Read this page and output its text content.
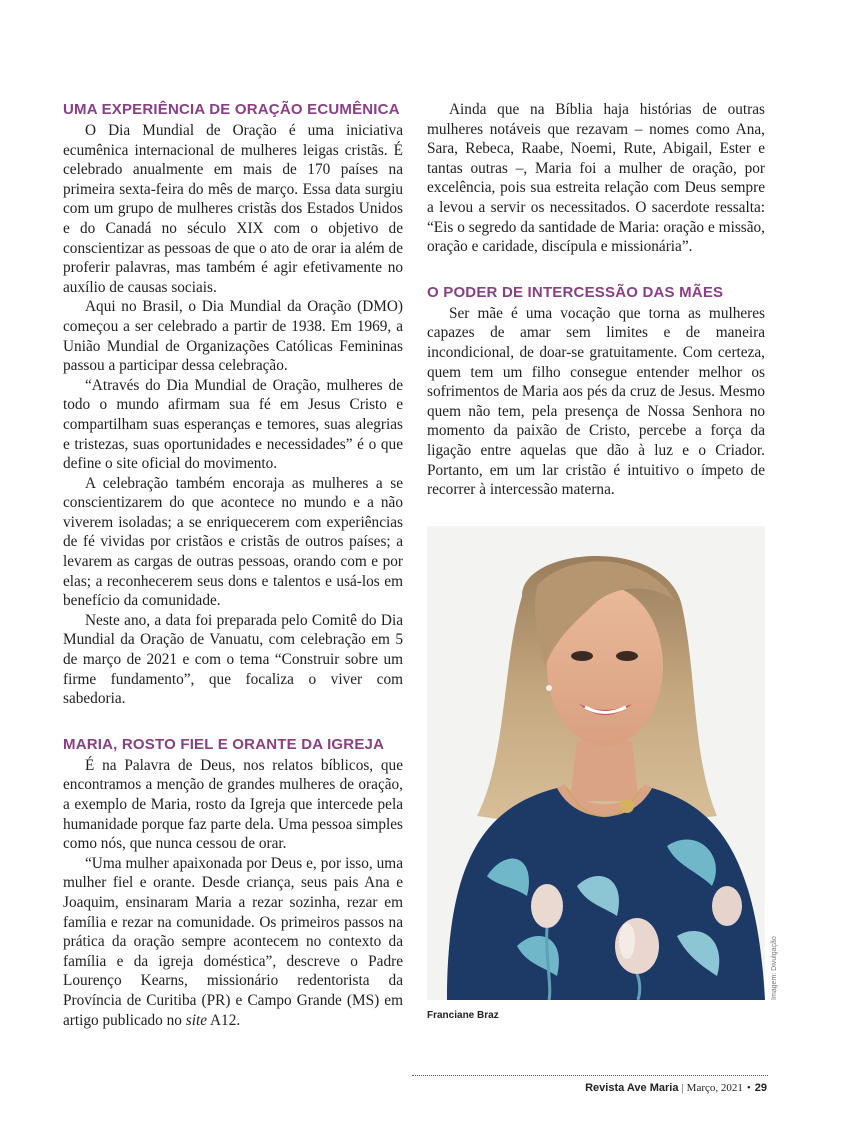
UMA EXPERIÊNCIA DE ORAÇÃO ECUMÊNICA

O Dia Mundial de Oração é uma iniciativa ecumênica internacional de mulheres leigas cristãs. É celebrado anualmente em mais de 170 países na primeira sexta-feira do mês de março. Essa data surgiu com um grupo de mulheres cristãs dos Estados Unidos e do Canadá no século XIX com o objetivo de conscientizar as pessoas de que o ato de orar ia além de proferir palavras, mas também é agir efetivamente no auxílio de causas sociais.

Aqui no Brasil, o Dia Mundial da Oração (DMO) começou a ser celebrado a partir de 1938. Em 1969, a União Mundial de Organizações Católicas Femininas passou a participar dessa celebração.

“Através do Dia Mundial de Oração, mulheres de todo o mundo afirmam sua fé em Jesus Cristo e compartilham suas esperanças e temores, suas alegrias e tristezas, suas oportunidades e necessidades” é o que define o site oficial do movimento.

A celebração também encoraja as mulheres a se conscientizarem do que acontece no mundo e a não viverem isoladas; a se enriquecerem com experiências de fé vividas por cristãos e cristãs de outros países; a levarem as cargas de outras pessoas, orando com e por elas; a reconhecerem seus dons e talentos e usá-los em benefício da comunidade.

Neste ano, a data foi preparada pelo Comitê do Dia Mundial da Oração de Vanuatu, com celebração em 5 de março de 2021 e com o tema “Construir sobre um firme fundamento”, que focaliza o viver com sabedoria.

MARIA, ROSTO FIEL E ORANTE DA IGREJA

É na Palavra de Deus, nos relatos bíblicos, que encontramos a menção de grandes mulheres de oração, a exemplo de Maria, rosto da Igreja que intercede pela humanidade porque faz parte dela. Uma pessoa simples como nós, que nunca cessou de orar.

“Uma mulher apaixonada por Deus e, por isso, uma mulher fiel e orante. Desde criança, seus pais Ana e Joaquim, ensinaram Maria a rezar sozinha, rezar em família e rezar na comunidade. Os primeiros passos na prática da oração sempre acontecem no contexto da família e da igreja doméstica”, descreve o Padre Lourenço Kearns, missionário redentorista da Província de Curitiba (PR) e Campo Grande (MS) em artigo publicado no site A12.

Ainda que na Bíblia haja histórias de outras mulheres notáveis que rezavam – nomes como Ana, Sara, Rebeca, Raabe, Noemi, Rute, Abigail, Ester e tantas outras –, Maria foi a mulher de oração, por excelência, pois sua estreita relação com Deus sempre a levou a servir os necessitados. O sacerdote ressalta: “Eis o segredo da santidade de Maria: oração e missão, oração e caridade, discípula e missionária”.

O PODER DE INTERCESSÃO DAS MÃES

Ser mãe é uma vocação que torna as mulheres capazes de amar sem limites e de maneira incondicional, de doar-se gratuitamente. Com certeza, quem tem um filho consegue entender melhor os sofrimentos de Maria aos pés da cruz de Jesus. Mesmo quem não tem, pela presença de Nossa Senhora no momento da paixão de Cristo, percebe a força da ligação entre aquelas que dão à luz e o Criador. Portanto, em um lar cristão é intuitivo o ímpeto de recorrer à intercessão materna.

Imagem: Divulgação
Franciane Braz
Revista Ave Maria | Março, 2021 • 29
